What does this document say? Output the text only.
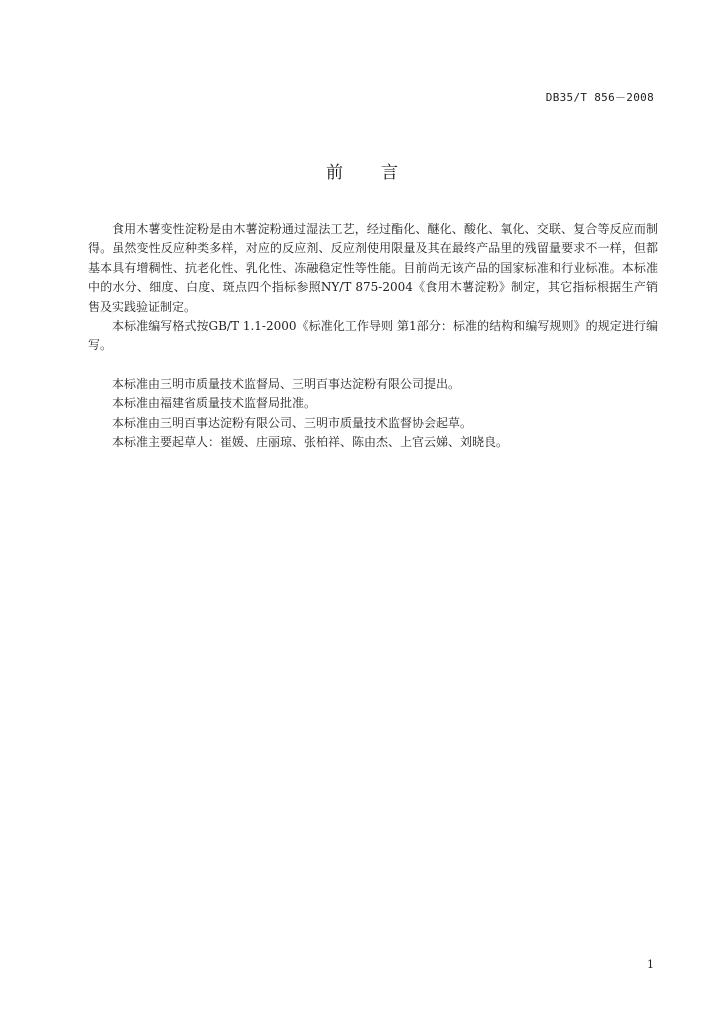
DB35/T 856－2008
前言

食用木薯变性淀粉是由木薯淀粉通过湿法工艺，经过酯化、醚化、酸化、氧化、交联、复合等反应而制得。虽然变性反应种类多样，对应的反应剂、反应剂使用限量及其在最终产品里的残留量要求不一样，但都基本具有增稠性、抗老化性、乳化性、冻融稳定性等性能。目前尚无该产品的国家标准和行业标准。本标准中的水分、细度、白度、斑点四个指标参照NY/T 875-2004《食用木薯淀粉》制定，其它指标根据生产销售及实践验证制定。

本标准编写格式按GB/T 1.1-2000《标准化工作导则 第1部分：标准的结构和编写规则》的规定进行编写。

本标准由三明市质量技术监督局、三明百事达淀粉有限公司提出。

本标准由福建省质量技术监督局批准。

本标准由三明百事达淀粉有限公司、三明市质量技术监督协会起草。

本标准主要起草人：崔媛、庄丽琼、张柏祥、陈由杰、上官云娣、刘晓良。

1
